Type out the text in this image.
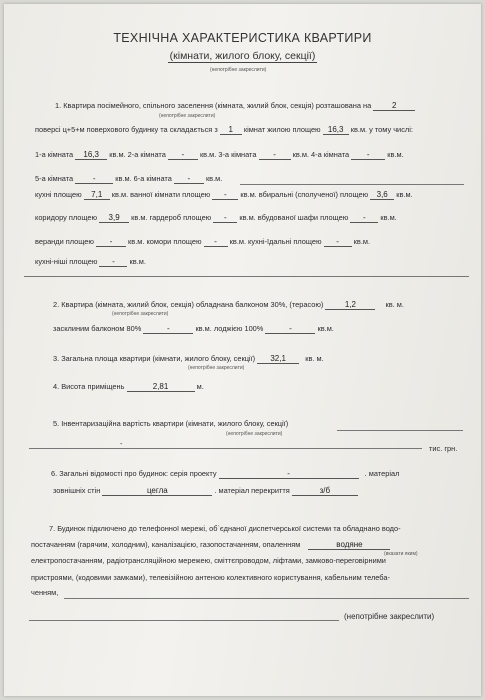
ТЕХНІЧНА ХАРАКТЕРИСТИКА КВАРТИРИ
(кімнати, жилого блоку, секції)
(непотрібне закреслити)
1. Квартира посімейного, спільного заселення (кімната, жилий блок, секція) розташована на	2
(непотрібне закреслити)
поверсі ц+5+м поверхового будинку та складається з 1 кімнат жилою площею 16,3 кв.м. у тому числі:
1-а кімната 16,3 кв.м. 2-а кімната - кв.м. 3-а кімната - кв.м. 4-а кімната - кв.м.
5-а кімната -	кв.м. 6-а кімната - кв.м.
кухні площею 7,1 кв.м. ванної кімнати площею - кв.м. вбиральні (сполученої) площею 3,6 кв.м.
коридору площею 3,9 кв.м. гардероб площею - кв.м. вбудованої шафи площею - кв.м.
веранди площею - кв.м. комори площею - кв.м. кухні-їдальні площею - кв.м.
кухні-ніші площею - кв.м.
2. Квартира (кімната, жилий блок, секція) обладнана балконом 30%, (терасою)	1,2	кв. м.
(непотрібне закреслити)
засклиним балконом 80%	-	кв.м. лоджією 100%	-	кв.м.
3. Загальна площа квартири (кімнати, жилого блоку, секції) 32,1	кв. м.
(непотрібне закреслити)
4. Висота приміщень	2,81	м.
5. Інвентаризаційна вартість квартири (кімнати, жилого блоку, секції)
(непотрібне закреслити)
-
тис. грн.
6. Загальні відомості про будинок: серія проекту	-	. матеріал
зовнішніх стін	цегла	. матеріал перекриття	з/б
7. Будинок підключено до телефонної мережі, об`єднаної диспетчерської системи та обладнано водо-
постачанням (гарячим, холодним), каналізацією, газопостачанням, опаленням	водяне
(вказати яким)
електропостачанням, радіотрансляційною мережею, сміттєпроводом, ліфтами, замково-переговірними
пристроями, (кодовими замками), телевізійною антеною колективного користування, кабельним телеба-
ченням,
(непотрібне закреслити)
